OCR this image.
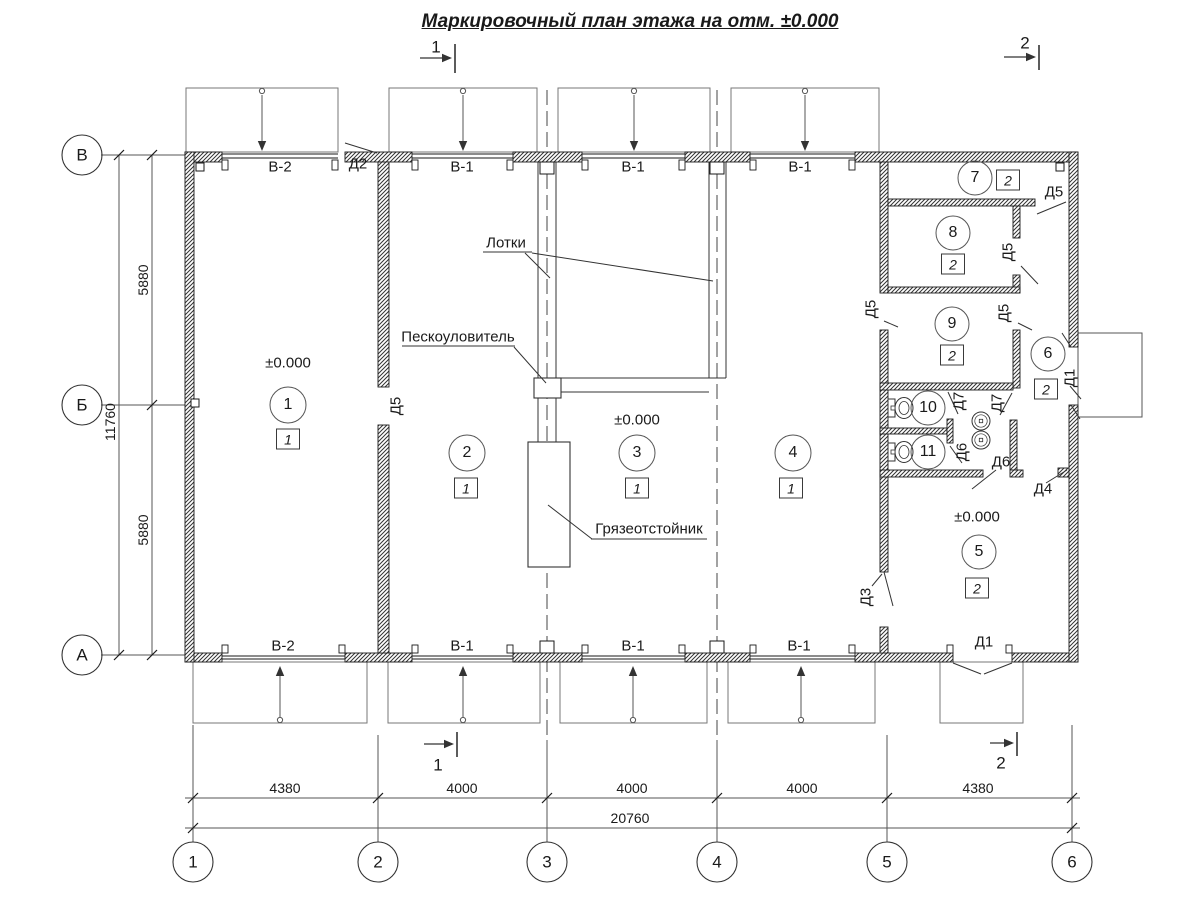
1	2	3	4	5	6
В
Б
А
1
1
±0.000
2
1
3
1
±0.000
4
1
5
2
±0.000
6
2
7	2
8
2
9
2
10
11
В-2	В-1	В-1	В-1
В-2	В-1	В-1	В-1
Д2
Д5
Д5
Д5
Д5	Д5
Д7 Д7
Д6
Д6
Д4
Д3
Д1
Д1
4380	4000	4000	4000	4380
20760
5880
5880
11760
1	2
1	2
Лотки
Пескоуловитель
Грязеотстойник
Маркировочный план этажа на отм. ±0.000
